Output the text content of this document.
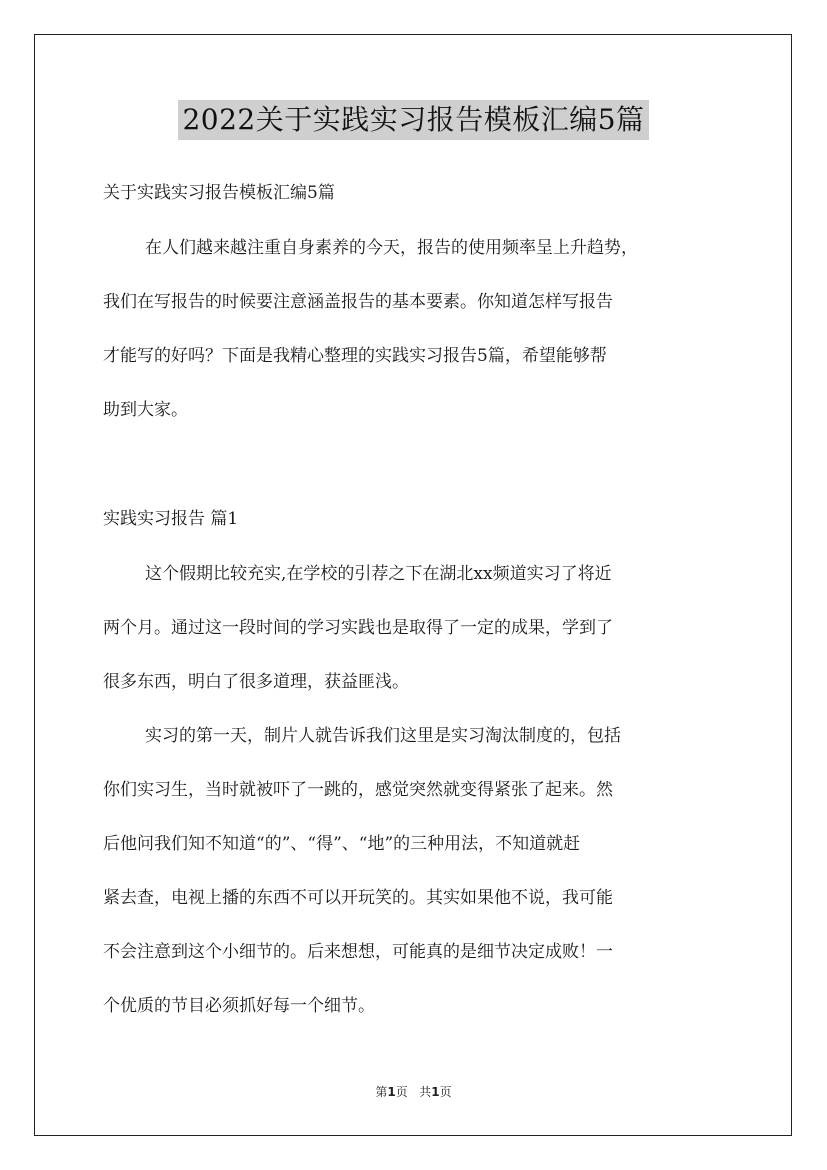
2022关于实践实习报告模板汇编5篇
关于实践实习报告模板汇编5篇
在人们越来越注重自身素养的今天，报告的使用频率呈上升趋势，
我们在写报告的时候要注意涵盖报告的基本要素。你知道怎样写报告
才能写的好吗？下面是我精心整理的实践实习报告5篇，希望能够帮
助到大家。
实践实习报告 篇1
这个假期比较充实,在学校的引荐之下在湖北xx频道实习了将近
两个月。通过这一段时间的学习实践也是取得了一定的成果，学到了
很多东西，明白了很多道理，获益匪浅。
实习的第一天，制片人就告诉我们这里是实习淘汰制度的，包括
你们实习生，当时就被吓了一跳的，感觉突然就变得紧张了起来。然
后他问我们知不知道“的”、“得”、“地”的三种用法，不知道就赶
紧去查，电视上播的东西不可以开玩笑的。其实如果他不说，我可能
不会注意到这个小细节的。后来想想，可能真的是细节决定成败！一
个优质的节目必须抓好每一个细节。
第1页 共1页
